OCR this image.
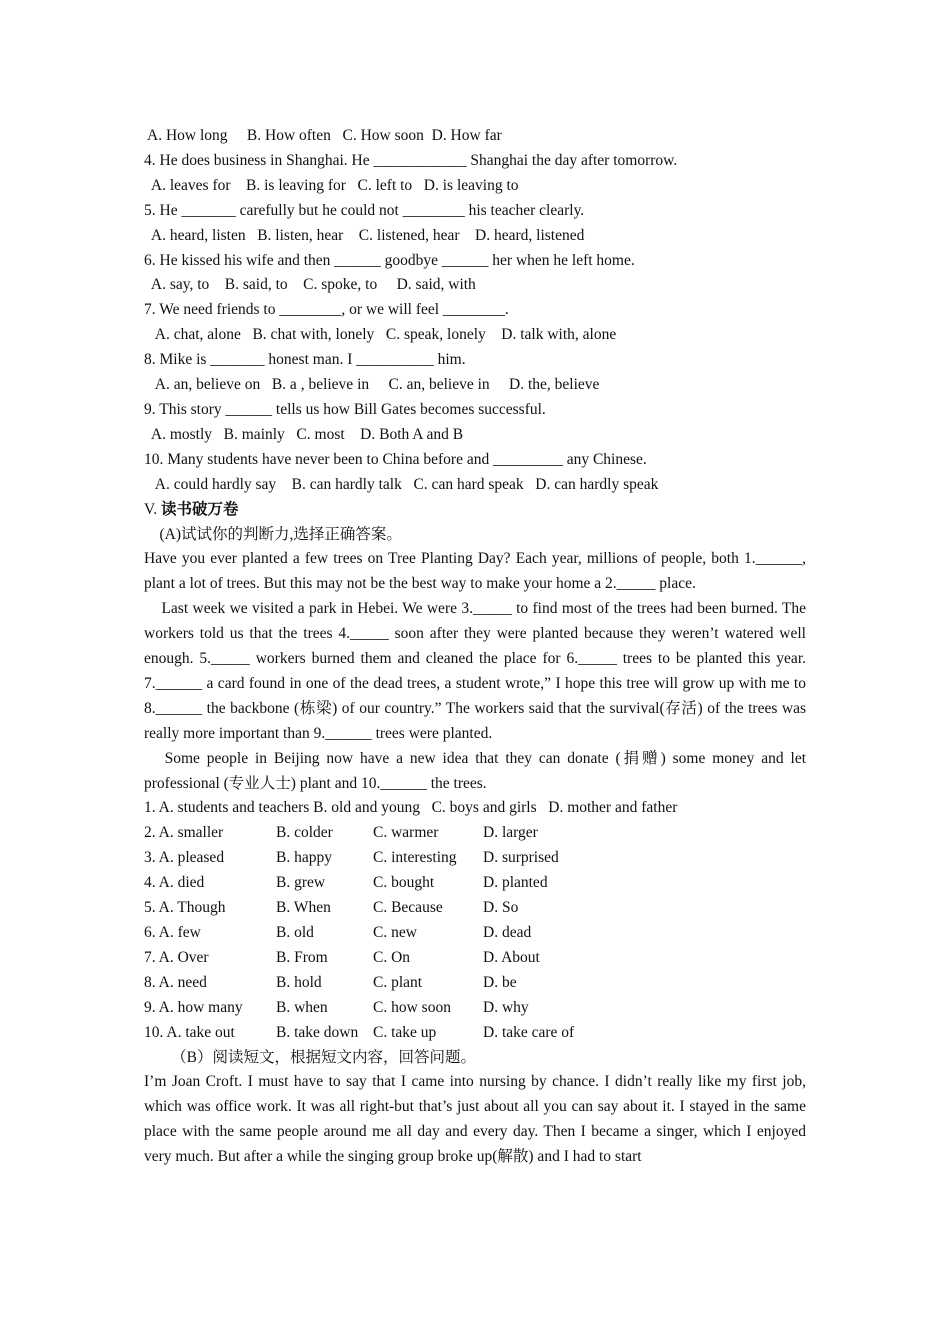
A. How long     B. How often   C. How soon  D. How far

4. He does business in Shanghai. He ____________ Shanghai the day after tomorrow.

A. leaves for    B. is leaving for   C. left to   D. is leaving to

5. He _______ carefully but he could not ________ his teacher clearly.

A. heard, listen   B. listen, hear    C. listened, hear    D. heard, listened

6. He kissed his wife and then ______ goodbye ______ her when he left home.

A. say, to    B. said, to    C. spoke, to     D. said, with

7. We need friends to ________, or we will feel ________.

A. chat, alone   B. chat with, lonely   C. speak, lonely    D. talk with, alone

8. Mike is _______ honest man. I __________ him.

A. an, believe on   B. a , believe in     C. an, believe in     D. the, believe

9. This story ______ tells us how Bill Gates becomes successful.

A. mostly   B. mainly   C. most    D. Both A and B

10. Many students have never been to China before and _________ any Chinese.

A. could hardly say    B. can hardly talk   C. can hard speak   D. can hardly speak

V. 读书破万卷

(A)试试你的判断力,选择正确答案。

Have you ever planted a few trees on Tree Planting Day? Each year, millions of people, both 1.______, plant a lot of trees. But this may not be the best way to make your home a 2._____ place.

Last week we visited a park in Hebei. We were 3._____ to find most of the trees had been burned. The workers told us that the trees 4._____ soon after they were planted because they weren’t watered well enough. 5._____ workers burned them and cleaned the place for 6._____ trees to be planted this year. 7.______ a card found in one of the dead trees, a student wrote,” I hope this tree will grow up with me to 8.______ the backbone (栋梁) of our country.” The workers said that the survival(存活) of the trees was really more important than 9.______ trees were planted.

Some people in Beijing now have a new idea that they can donate (捐赠) some money and let professional (专业人士) plant and 10.______ the trees.

1. A. students and teachers B. old and young   C. boys and girls   D. mother and father

2. A. smaller	B. colder	C. warmer	D. larger
3. A. pleased	B. happy	C. interesting	D. surprised
4. A. died	B. grew	C. bought	D. planted
5. A. Though	B. When	C. Because	D. So
6. A. few	B. old	C. new	D. dead
7. A. Over	B. From	C. On	D. About
8. A. need	B. hold	C. plant	D. be
9. A. how many	B. when	C. how soon	D. why
10. A. take out	B. take down C. take up	D. take care of

（B）阅读短文，根据短文内容，回答问题。

I’m Joan Croft. I must have to say that I came into nursing by chance. I didn’t really like my first job, which was office work. It was all right-but that’s just about all you can say about it. I stayed in the same place with the same people around me all day and every day. Then I became a singer, which I enjoyed very much. But after a while the singing group broke up(解散) and I had to start
